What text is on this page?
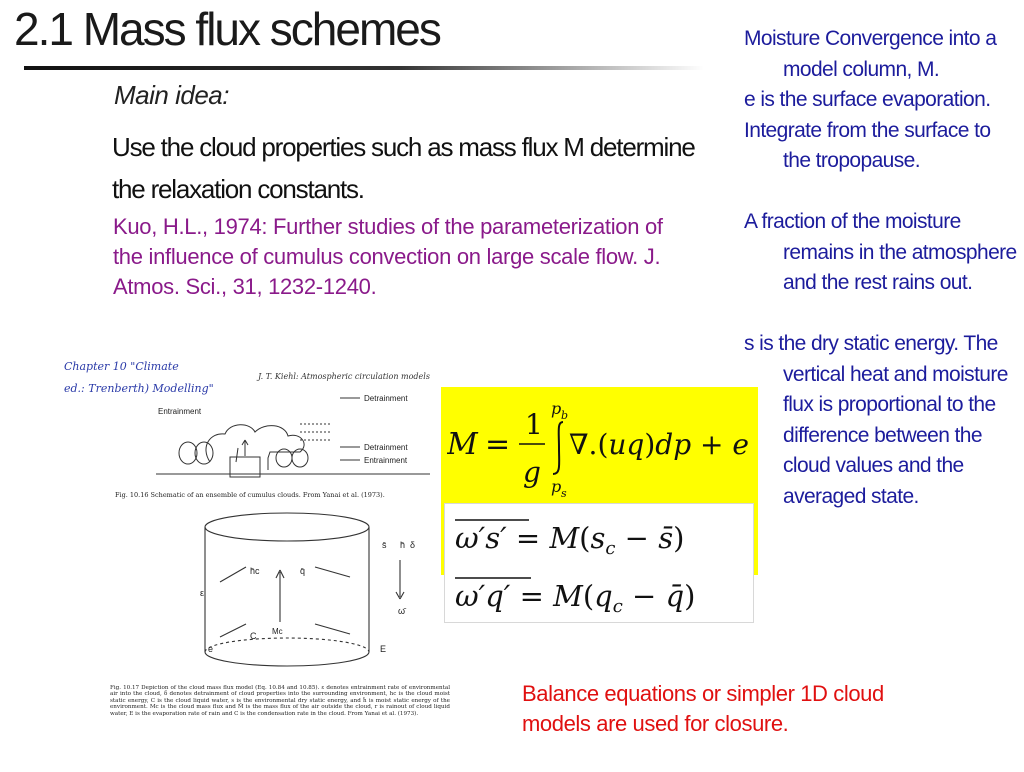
2.1 Mass flux schemes
Main idea:
Use the cloud properties such as mass flux M determine the relaxation constants.
Kuo, H.L., 1974: Further studies of the parameterization of the influence of cumulus convection on large scale flow. J. Atmos. Sci., 31, 1232-1240.

Moisture Convergence into a model column, M.

e is the surface evaporation.

Integrate from the surface to the tropopause.

A fraction of the moisture remains in the atmosphere and the rest rains out.

s is the dry static energy. The vertical heat and moisture flux is proportional to the difference between the cloud values and the averaged state.

Chapter 10 "Climate ed.: Trenberth) Modelling"
J. T. Kiehl: Atmospheric circulation models
Detrainment
Entrainment
Detrainment
Entrainment
Fig. 10.16 Schematic of an ensemble of cumulus clouds. From Yanai et al. (1973).
δ
s̄ h̄
ε
h̄c	q̄
Mc
C
e	E
ω̄
Fig. 10.17 Depiction of the cloud mass flux model (Eq. 10.84 and 10.85). ε denotes entrainment rate of environmental air into the cloud, δ denotes detrainment of cloud properties into the surrounding environment, hc is the cloud moist static energy, C is the cloud liquid water, s is the environmental dry static energy, and h̄ is moist static energy of the environment. Mc is the cloud mass flux and M̄ is the mass flux of the air outside the cloud, r is rainout of cloud liquid water, E is the evaporation rate of rain and C is the condensation rate in the cloud. From Yanai et al. (1973).
M =
1
g
p b
p s
∇.(uq)dp + e
$\omega's' = M(s_c$ − s̄)
$\omega'q' = M(q_c$ − q̄)
Balance equations or simpler 1D cloud models are used for closure.
